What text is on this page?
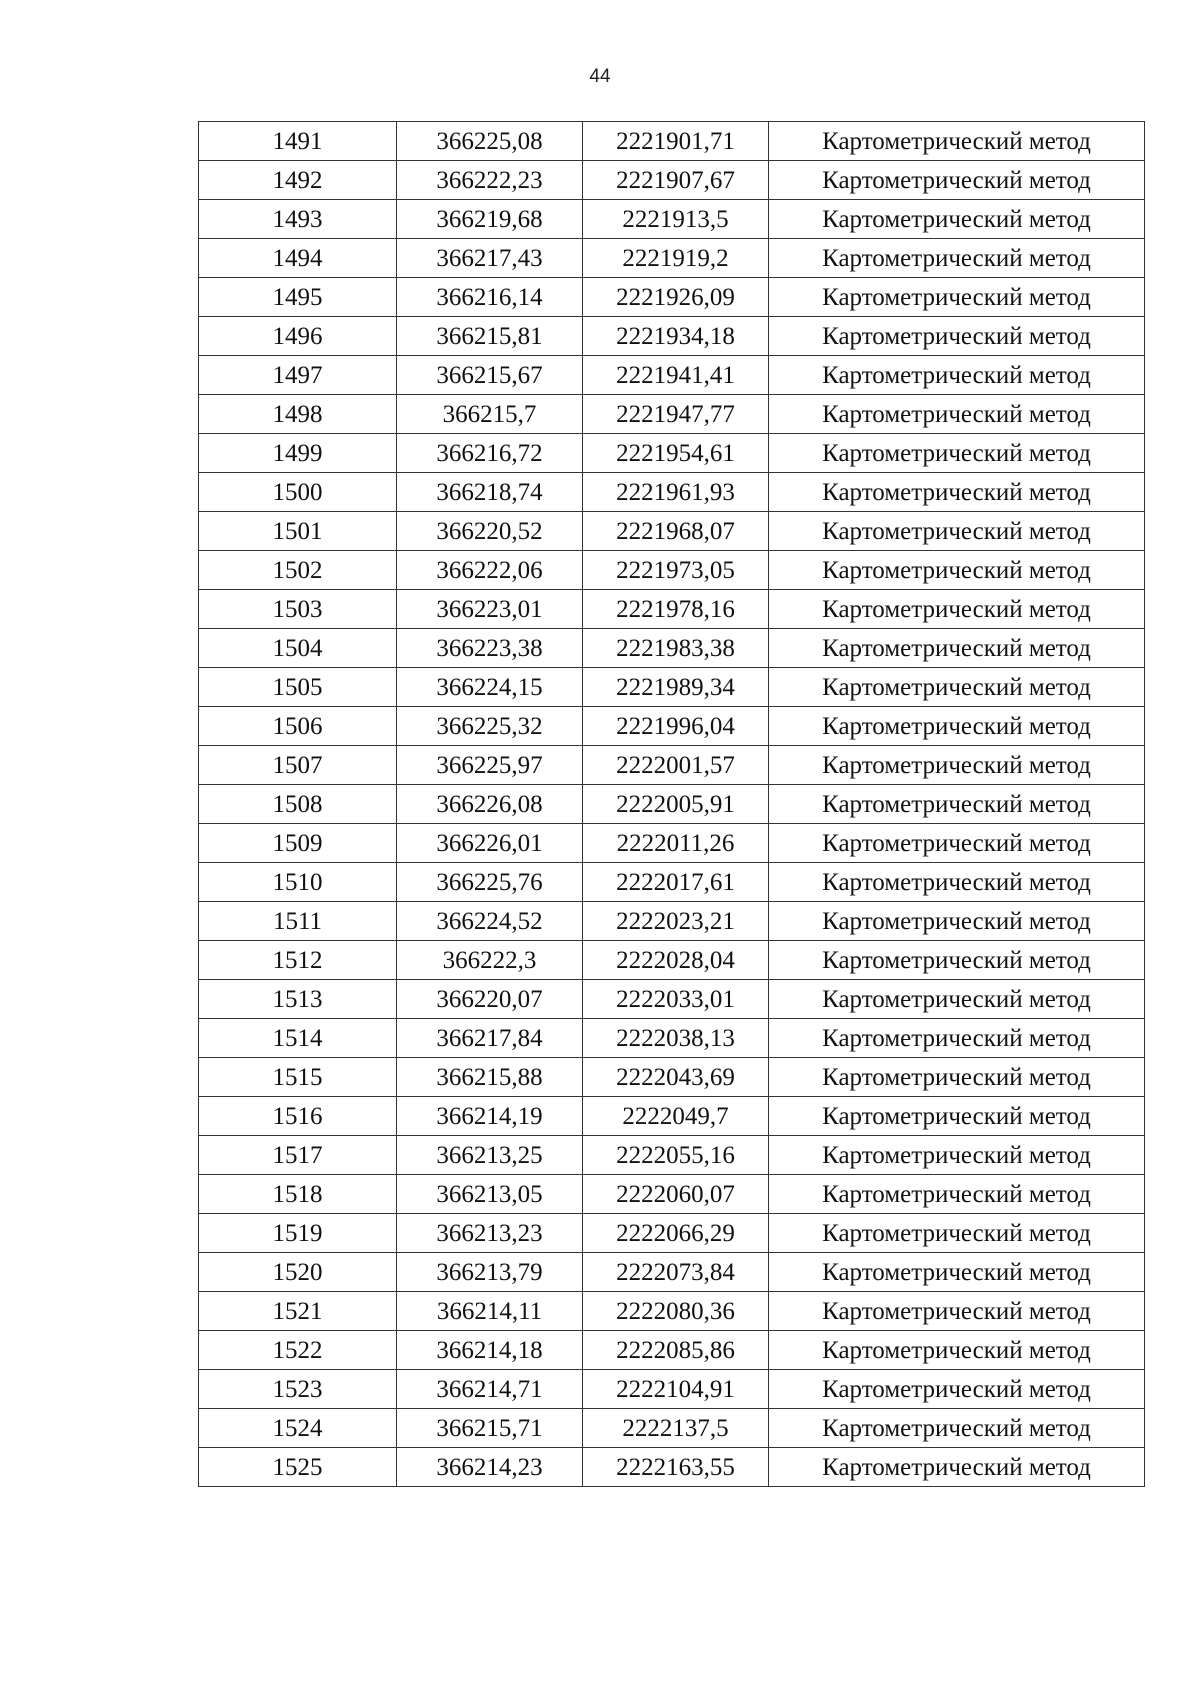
44
1491	366225,08	2221901,71	Картометрический метод
1492	366222,23	2221907,67	Картометрический метод
1493	366219,68	2221913,5	Картометрический метод
1494	366217,43	2221919,2	Картометрический метод
1495	366216,14	2221926,09	Картометрический метод
1496	366215,81	2221934,18	Картометрический метод
1497	366215,67	2221941,41	Картометрический метод
1498	366215,7	2221947,77	Картометрический метод
1499	366216,72	2221954,61	Картометрический метод
1500	366218,74	2221961,93	Картометрический метод
1501	366220,52	2221968,07	Картометрический метод
1502	366222,06	2221973,05	Картометрический метод
1503	366223,01	2221978,16	Картометрический метод
1504	366223,38	2221983,38	Картометрический метод
1505	366224,15	2221989,34	Картометрический метод
1506	366225,32	2221996,04	Картометрический метод
1507	366225,97	2222001,57	Картометрический метод
1508	366226,08	2222005,91	Картометрический метод
1509	366226,01	2222011,26	Картометрический метод
1510	366225,76	2222017,61	Картометрический метод
1511	366224,52	2222023,21	Картометрический метод
1512	366222,3	2222028,04	Картометрический метод
1513	366220,07	2222033,01	Картометрический метод
1514	366217,84	2222038,13	Картометрический метод
1515	366215,88	2222043,69	Картометрический метод
1516	366214,19	2222049,7	Картометрический метод
1517	366213,25	2222055,16	Картометрический метод
1518	366213,05	2222060,07	Картометрический метод
1519	366213,23	2222066,29	Картометрический метод
1520	366213,79	2222073,84	Картометрический метод
1521	366214,11	2222080,36	Картометрический метод
1522	366214,18	2222085,86	Картометрический метод
1523	366214,71	2222104,91	Картометрический метод
1524	366215,71	2222137,5	Картометрический метод
1525	366214,23	2222163,55	Картометрический метод
